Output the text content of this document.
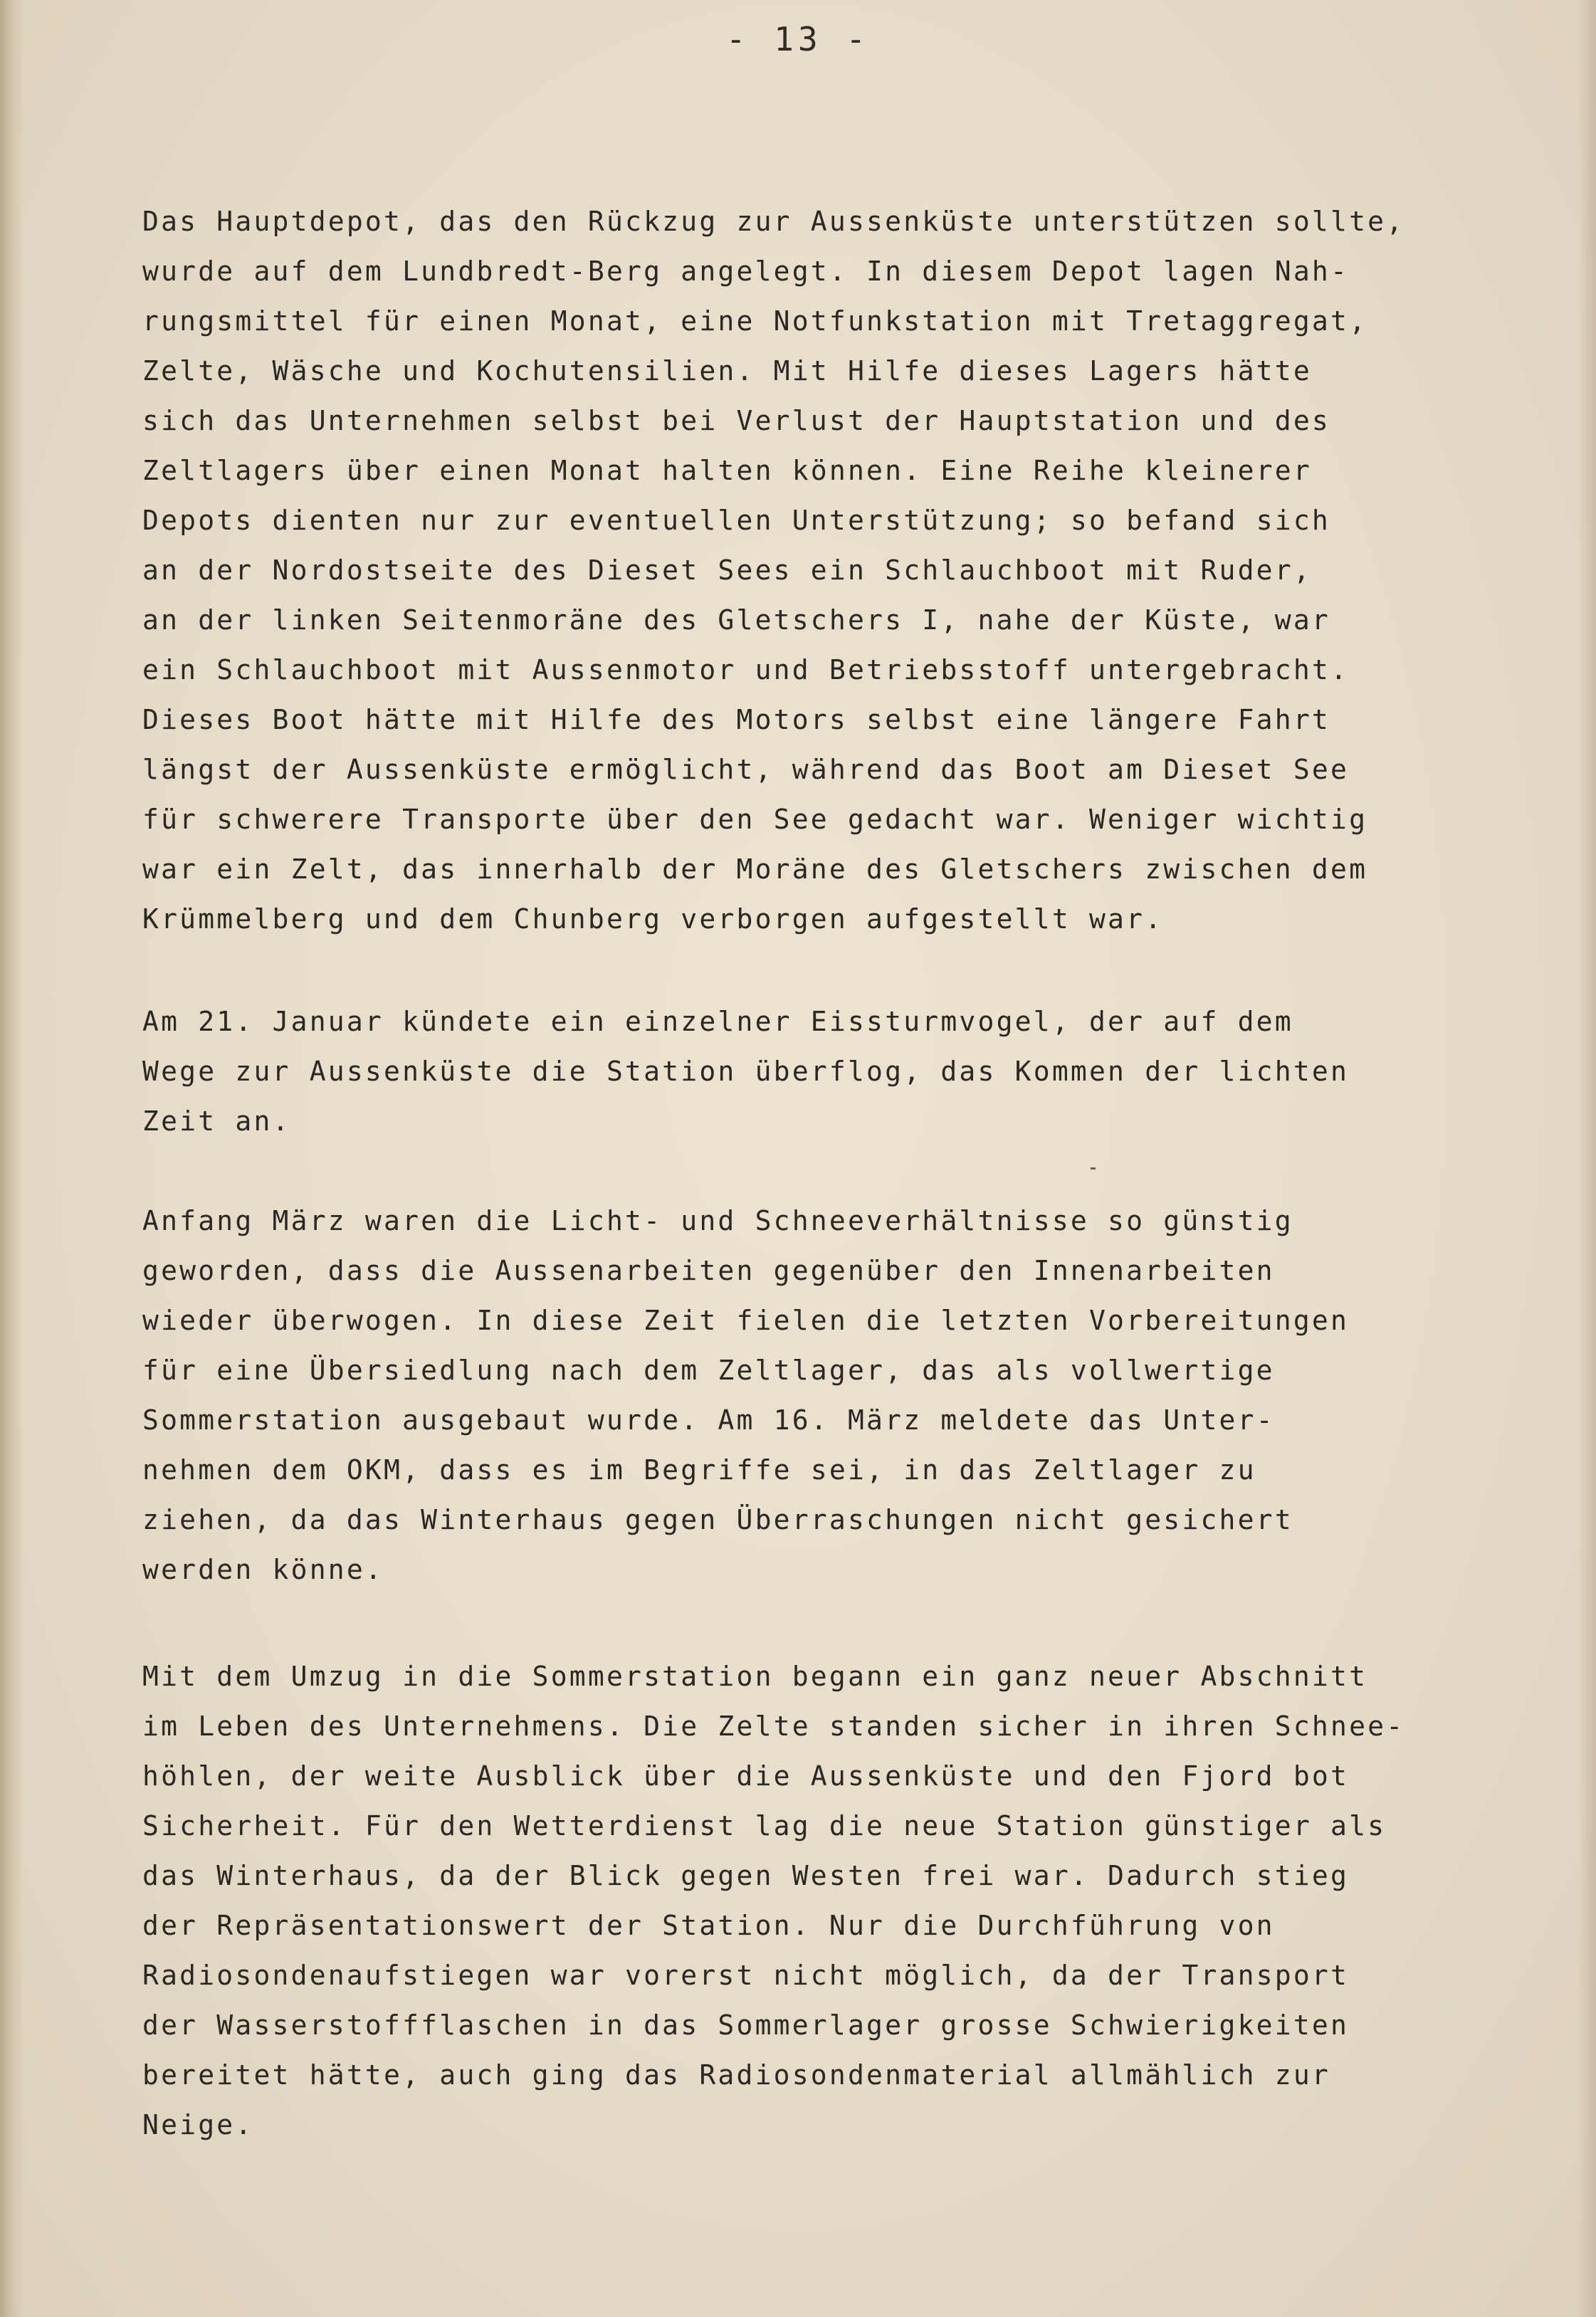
- 13 -
Das Hauptdepot, das den Rückzug zur Aussenküste unterstützen sollte,
wurde auf dem Lundbredt-Berg angelegt. In diesem Depot lagen Nah-
rungsmittel für einen Monat, eine Notfunkstation mit Tretaggregat,
Zelte, Wäsche und Kochutensilien. Mit Hilfe dieses Lagers hätte
sich das Unternehmen selbst bei Verlust der Hauptstation und des
Zeltlagers über einen Monat halten können. Eine Reihe kleinerer
Depots dienten nur zur eventuellen Unterstützung; so befand sich
an der Nordostseite des Dieset Sees ein Schlauchboot mit Ruder,
an der linken Seitenmoräne des Gletschers I, nahe der Küste, war
ein Schlauchboot mit Aussenmotor und Betriebsstoff untergebracht.
Dieses Boot hätte mit Hilfe des Motors selbst eine längere Fahrt
längst der Aussenküste ermöglicht, während das Boot am Dieset See
für schwerere Transporte über den See gedacht war. Weniger wichtig
war ein Zelt, das innerhalb der Moräne des Gletschers zwischen dem
Krümmelberg und dem Chunberg verborgen aufgestellt war.
Am 21. Januar kündete ein einzelner Eissturmvogel, der auf dem
Wege zur Aussenküste die Station überflog, das Kommen der lichten
Zeit an.
Anfang März waren die Licht- und Schneeverhältnisse so günstig
geworden, dass die Aussenarbeiten gegenüber den Innenarbeiten
wieder überwogen. In diese Zeit fielen die letzten Vorbereitungen
für eine Übersiedlung nach dem Zeltlager, das als vollwertige
Sommerstation ausgebaut wurde. Am 16. März meldete das Unter-
nehmen dem OKM, dass es im Begriffe sei, in das Zeltlager zu
ziehen, da das Winterhaus gegen Überraschungen nicht gesichert
werden könne.
Mit dem Umzug in die Sommerstation begann ein ganz neuer Abschnitt
im Leben des Unternehmens. Die Zelte standen sicher in ihren Schnee-
höhlen, der weite Ausblick über die Aussenküste und den Fjord bot
Sicherheit. Für den Wetterdienst lag die neue Station günstiger als
das Winterhaus, da der Blick gegen Westen frei war. Dadurch stieg
der Repräsentationswert der Station. Nur die Durchführung von
Radiosondenaufstiegen war vorerst nicht möglich, da der Transport
der Wasserstoffflaschen in das Sommerlager grosse Schwierigkeiten
bereitet hätte, auch ging das Radiosondenmaterial allmählich zur
Neige.
